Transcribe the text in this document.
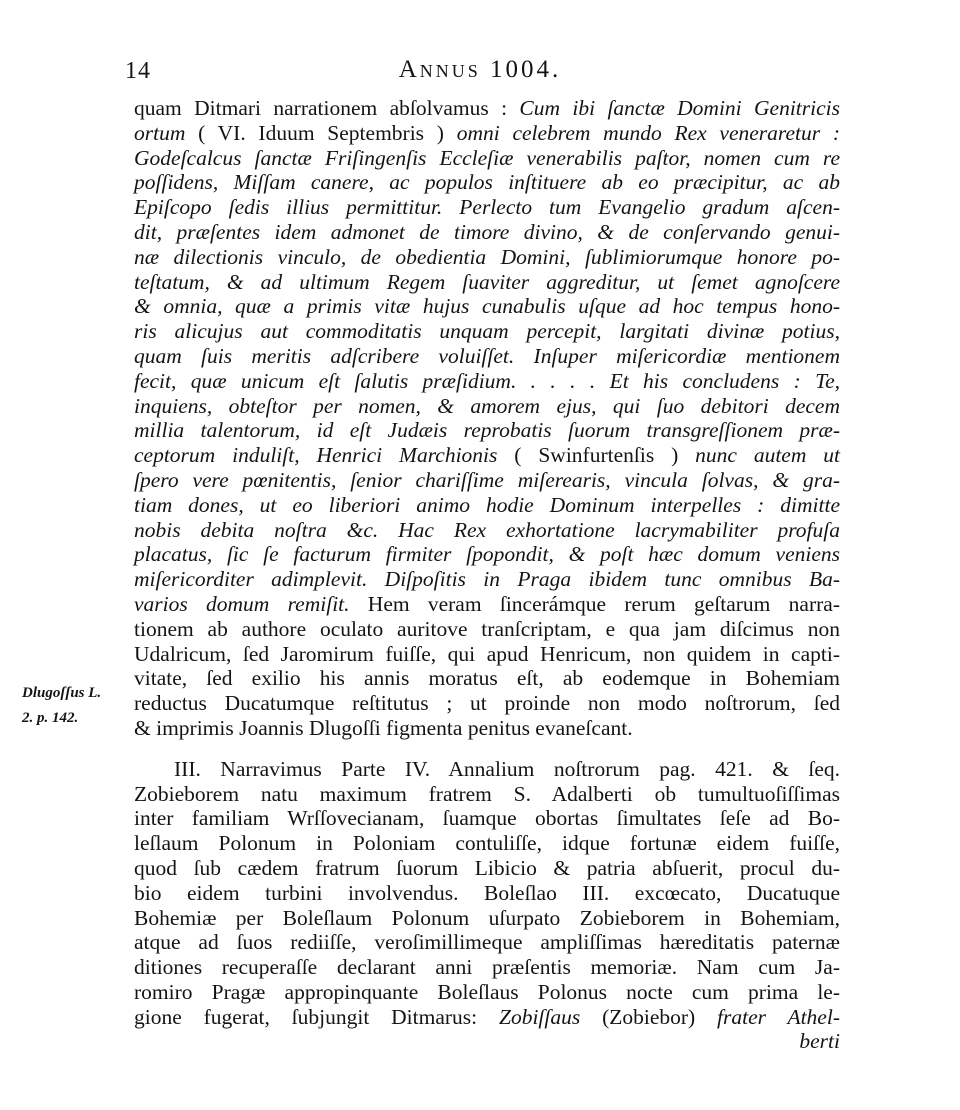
14	Annus 1004.
Dlugoſſus L.
2. p. 142.
quam Ditmari narrationem abſolvamus : Cum ibi ſanctæ Domini Genitricis
ortum ( VI. Iduum Septembris ) omni celebrem mundo Rex veneraretur :
Godeſcalcus ſanctæ Friſingenſis Eccleſiæ venerabilis paſtor, nomen cum re
poſſidens, Miſſam canere, ac populos inſtituere ab eo præcipitur, ac ab
Epiſcopo ſedis illius permittitur. Perlecto tum Evangelio gradum aſcen-
dit, præſentes idem admonet de timore divino, & de conſervando genui-
næ dilectionis vinculo, de obedientia Domini, ſublimiorumque honore po-
teſtatum, & ad ultimum Regem ſuaviter aggreditur, ut ſemet agnoſcere
& omnia, quæ a primis vitæ hujus cunabulis uſque ad hoc tempus hono-
ris alicujus aut commoditatis unquam percepit, largitati divinæ potius,
quam ſuis meritis adſcribere voluiſſet. Inſuper miſericordiæ mentionem
fecit, quæ unicum eſt ſalutis præſidium. . . . . Et his concludens : Te,
inquiens, obteſtor per nomen, & amorem ejus, qui ſuo debitori decem
millia talentorum, id eſt Judæis reprobatis ſuorum transgreſſionem præ-
ceptorum induliſt, Henrici Marchionis ( Swinfurtenſis ) nunc autem ut
ſpero vere pœnitentis, ſenior chariſſime miſerearis, vincula ſolvas, & gra-
tiam dones, ut eo liberiori animo hodie Dominum interpelles : dimitte
nobis debita noſtra &c. Hac Rex exhortatione lacrymabiliter profuſa
placatus, ſic ſe facturum firmiter ſpopondit, & poſt hæc domum veniens
miſericorditer adimplevit. Diſpoſitis in Praga ibidem tunc omnibus Ba-
varios domum remiſit. Hem veram ſincerámque rerum geſtarum narra-
tionem ab authore oculato auritove tranſcriptam, e qua jam diſcimus non
Udalricum, ſed Jaromirum fuiſſe, qui apud Henricum, non quidem in capti-
vitate, ſed exilio his annis moratus eſt, ab eodemque in Bohemiam
reductus Ducatumque reſtitutus ; ut proinde non modo noſtrorum, ſed
& imprimis Joannis Dlugoſſi figmenta penitus evaneſcant.
III. Narravimus Parte IV. Annalium noſtrorum pag. 421. & ſeq.
Zobieborem natu maximum fratrem S. Adalberti ob tumultuoſiſſimas
inter familiam Wrſſovecianam, ſuamque obortas ſimultates ſeſe ad Bo-
leſlaum Polonum in Poloniam contuliſſe, idque fortunæ eidem fuiſſe,
quod ſub cædem fratrum ſuorum Libicio & patria abſuerit, procul du-
bio eidem turbini involvendus. Boleſlao III. excœcato, Ducatuque
Bohemiæ per Boleſlaum Polonum uſurpato Zobieborem in Bohemiam,
atque ad ſuos rediiſſe, veroſimillimeque ampliſſimas hæreditatis paternæ
ditiones recuperaſſe declarant anni præſentis memoriæ. Nam cum Ja-
romiro Pragæ appropinquante Boleſlaus Polonus nocte cum prima le-
gione fugerat, ſubjungit Ditmarus: Zobiſſaus (Zobiebor) frater Athel-
berti
